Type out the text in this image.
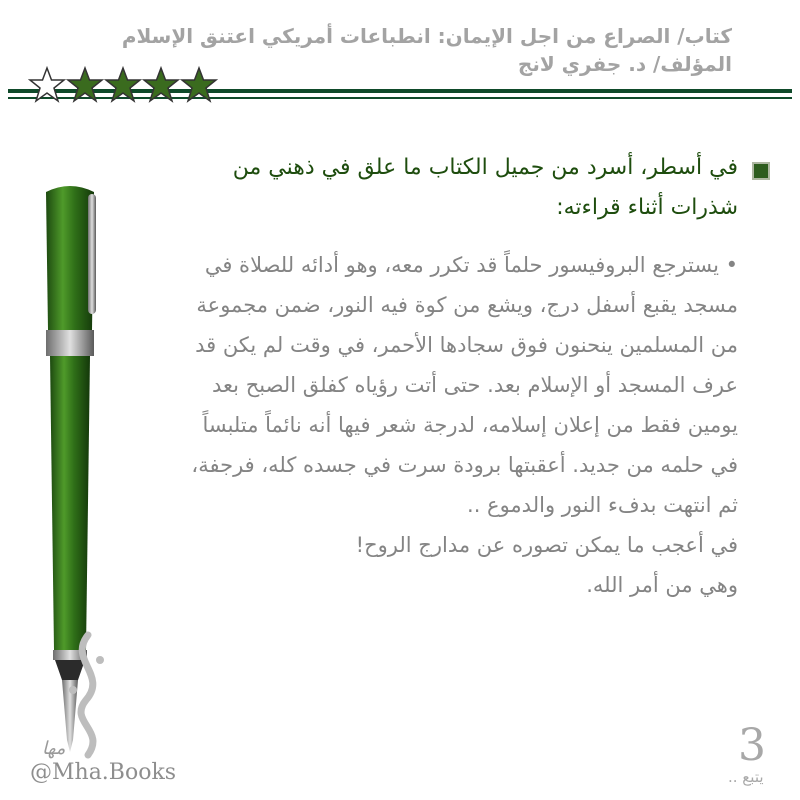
كتاب/ الصراع من اجل الإيمان: انطباعات أمريكي اعتنق الإسلام
المؤلف/ د. جفري لانج
في أسطر، أسرد من جميل الكتاب ما علق في ذهني من شذرات أثناء قراءته:

• يسترجع البروفيسور حلماً قد تكرر معه، وهو أدائه للصلاة في مسجد يقبع أسفل درج، ويشع من كوة فيه النور، ضمن مجموعة من المسلمين ينحنون فوق سجادها الأحمر، في وقت لم يكن قد عرف المسجد أو الإسلام بعد. حتى أتت رؤياه كفلق الصبح بعد يومين فقط من إعلان إسلامه، لدرجة شعر فيها أنه نائماً متلبساً في حلمه من جديد. أعقبتها برودة سرت في جسده كله، فرجفة، ثم انتهت بدفء النور والدموع ..

في أعجب ما يمكن تصوره عن مدارج الروح!

وهي من أمر الله.

مها
@Mha.Books
3
يتبع ..
